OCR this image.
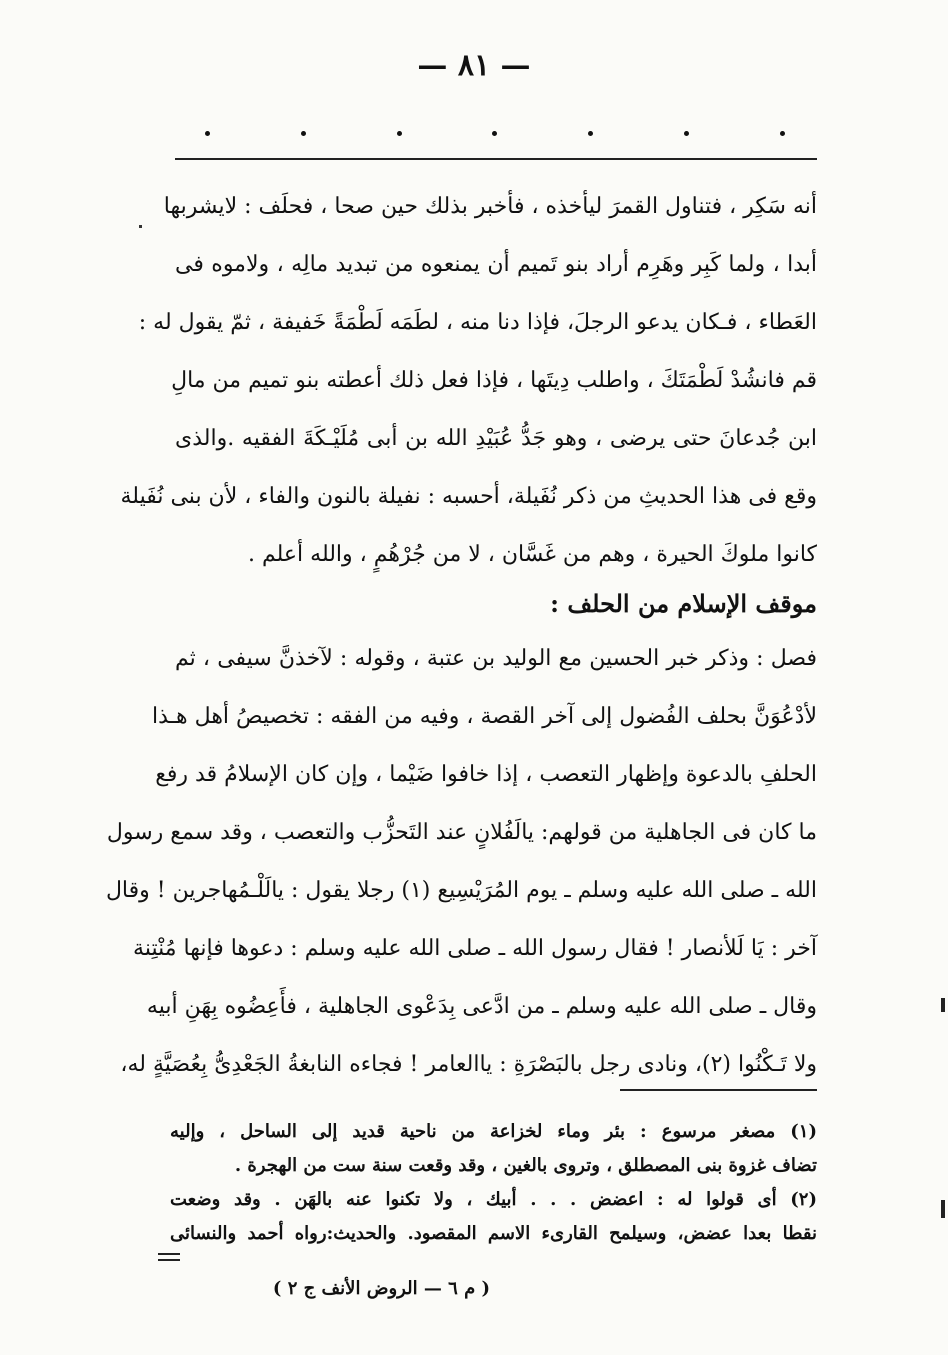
— ٨١ —
أنه سَكِر ، فتناول القمرَ ليأخذه ، فأخبر بذلك حين صحا ، فحلَف : لايشربها
أبدا ، ولما كَبِر وهَرِم أراد بنو تَميم أن يمنعوه من تبديد مالِه ، ولاموه فى
العَطاء ، فـكان يدعو الرجلَ، فإذا دنا منه ، لطَمَه لَطْمَةً خَفيفة ، ثمّ يقول له :
قم فانشُدْ لَطْمَتَكَ ، واطلب دِيتَها ، فإذا فعل ذلك أعطته بنو تميم من مالِ
ابن جُدعانَ حتى يرضى ، وهو جَدُّ عُبَيْدِ الله بن أبى مُلَيْـكَةَ الفقيه .والذى
وقع فى هذا الحديثِ من ذكر نُفَيلة، أحسبه : نفيلة بالنون والفاء ، لأن بنى نُفَيلة
كانوا ملوكَ الحيرة ، وهم من غَسَّان ، لا من جُرْهُمٍ ، والله أعلم .
موقف الإسلام من الحلف :
فصل : وذكر خبر الحسين مع الوليد بن عتبة ، وقوله : لآخذنَّ سيفى ، ثم
لأدْعُوَنَّ بحلف الفُضول إلى آخر القصة ، وفيه من الفقه : تخصيصُ أهل هـذا
الحلفِ بالدعوة وإظهار التعصب ، إذا خافوا ضَيْما ، وإن كان الإسلامُ قد رفع
ما كان فى الجاهلية من قولهم: يالَفُلانٍ عند التَحزُّب والتعصب ، وقد سمع رسول
الله ـ صلى الله عليه وسلم ـ يوم المُرَيْسِيع (١) رجلا يقول : يالَلْـمُهاجرين ! وقال
آخر : يَا لَلأنصار ! فقال رسول الله ـ صلى الله عليه وسلم : دعوها فإنها مُنْتِنة
وقال ـ صلى الله عليه وسلم ـ من ادَّعى بِدَعْوى الجاهلية ، فأَعِضُوه بِهَنِ أبيه
ولا تَـكْنُوا (٢)، ونادى رجل بالبَصْرَةِ : ياالعامر ! فجاءه النابغةُ الجَعْدِىُّ بِعُصَيَّةٍ له،
(١) مصغر مرسوع : بئر وماء لخزاعة من ناحية قديد إلى الساحل ، وإليه
تضاف غزوة بنى المصطلق ، وتروى بالغين ، وقد وقعت سنة ست من الهجرة .
(٢) أى قولوا له : اعضض . . . أبيك ، ولا تكنوا عنه بالهَن . وقد وضعت
نقطا بعدا عضض، وسيلمح القارىء الاسم المقصود. والحديث:رواه أحمد والنسائى
( م ٦ — الروض الأنف ج ٢ )
